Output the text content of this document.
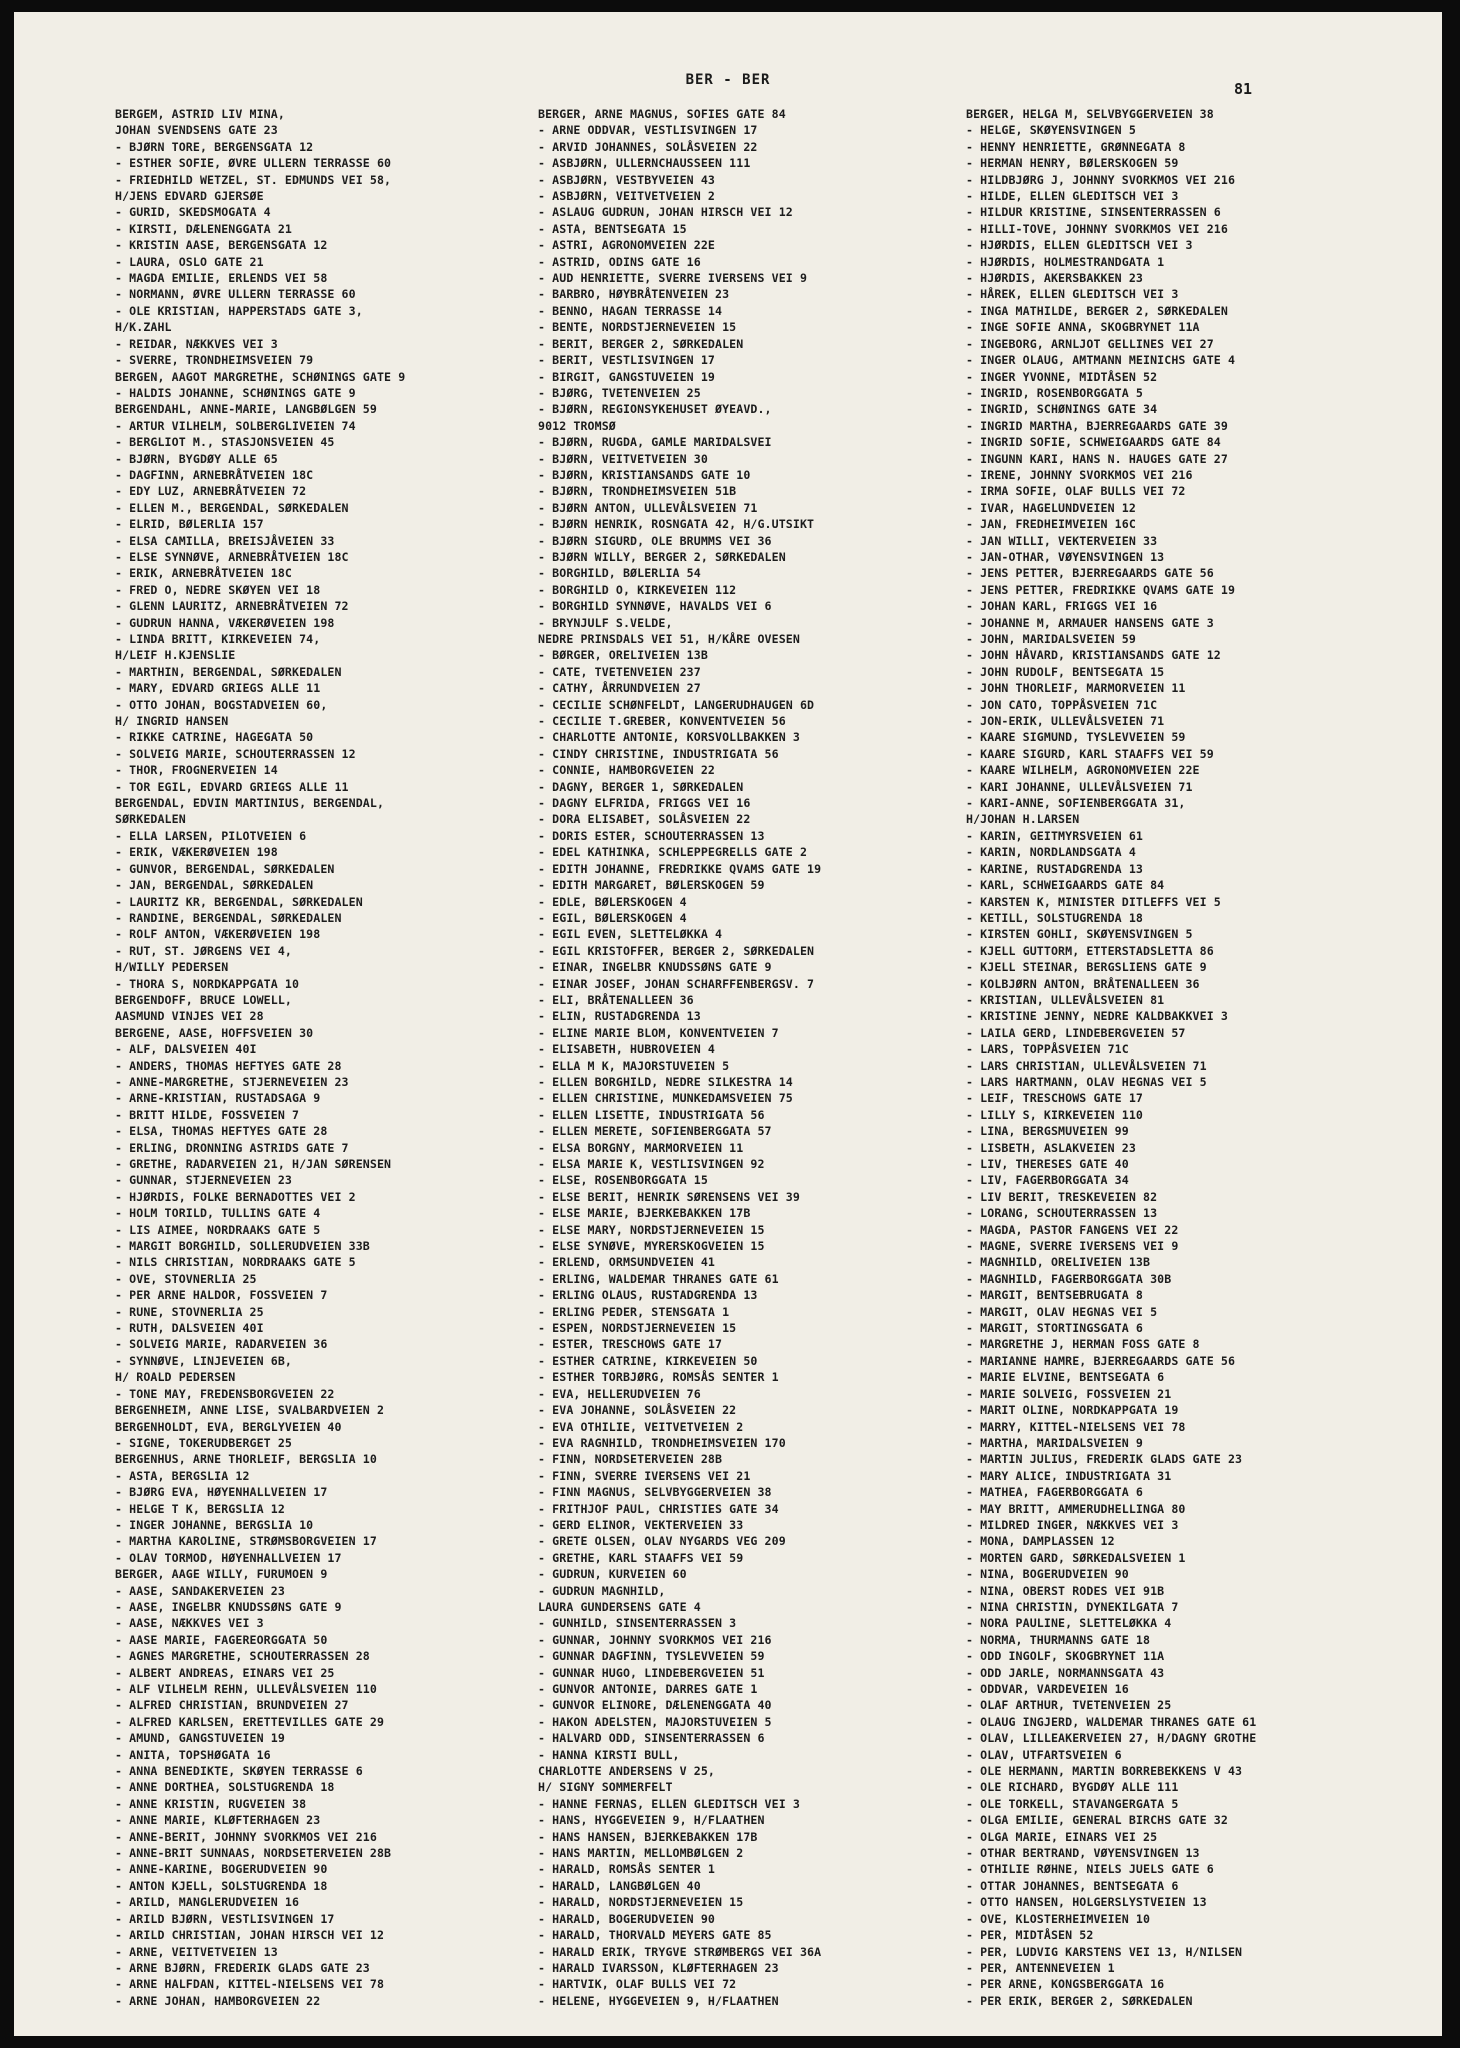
BER - BER	81
BERGEM, ASTRID LIV MINA,
JOHAN SVENDSENS GATE 23
- BJØRN TORE, BERGENSGATA 12
- ESTHER SOFIE, ØVRE ULLERN TERRASSE 60
- FRIEDHILD WETZEL, ST. EDMUNDS VEI 58,
H/JENS EDVARD GJERSØE
- GURID, SKEDSMOGATA 4
- KIRSTI, DÆLENENGGATA 21
- KRISTIN AASE, BERGENSGATA 12
- LAURA, OSLO GATE 21
- MAGDA EMILIE, ERLENDS VEI 58
- NORMANN, ØVRE ULLERN TERRASSE 60
- OLE KRISTIAN, HAPPERSTADS GATE 3,
H/K.ZAHL
- REIDAR, NÆKKVES VEI 3
- SVERRE, TRONDHEIMSVEIEN 79
BERGEN, AAGOT MARGRETHE, SCHØNINGS GATE 9
- HALDIS JOHANNE, SCHØNINGS GATE 9
BERGENDAHL, ANNE-MARIE, LANGBØLGEN 59
- ARTUR VILHELM, SOLBERGLIVEIEN 74
- BERGLIOT M., STASJONSVEIEN 45
- BJØRN, BYGDØY ALLE 65
- DAGFINN, ARNEBRÅTVEIEN 18C
- EDY LUZ, ARNEBRÅTVEIEN 72
- ELLEN M., BERGENDAL, SØRKEDALEN
- ELRID, BØLERLIA 157
- ELSA CAMILLA, BREISJÅVEIEN 33
- ELSE SYNNØVE, ARNEBRÅTVEIEN 18C
- ERIK, ARNEBRÅTVEIEN 18C
- FRED O, NEDRE SKØYEN VEI 18
- GLENN LAURITZ, ARNEBRÅTVEIEN 72
- GUDRUN HANNA, VÆKERØVEIEN 198
- LINDA BRITT, KIRKEVEIEN 74,
H/LEIF H.KJENSLIE
- MARTHIN, BERGENDAL, SØRKEDALEN
- MARY, EDVARD GRIEGS ALLE 11
- OTTO JOHAN, BOGSTADVEIEN 60,
H/ INGRID HANSEN
- RIKKE CATRINE, HAGEGATA 50
- SOLVEIG MARIE, SCHOUTERRASSEN 12
- THOR, FROGNERVEIEN 14
- TOR EGIL, EDVARD GRIEGS ALLE 11
BERGENDAL, EDVIN MARTINIUS, BERGENDAL,
SØRKEDALEN
- ELLA LARSEN, PILOTVEIEN 6
- ERIK, VÆKERØVEIEN 198
- GUNVOR, BERGENDAL, SØRKEDALEN
- JAN, BERGENDAL, SØRKEDALEN
- LAURITZ KR, BERGENDAL, SØRKEDALEN
- RANDINE, BERGENDAL, SØRKEDALEN
- ROLF ANTON, VÆKERØVEIEN 198
- RUT, ST. JØRGENS VEI 4,
H/WILLY PEDERSEN
- THORA S, NORDKAPPGATA 10
BERGENDOFF, BRUCE LOWELL,
AASMUND VINJES VEI 28
BERGENE, AASE, HOFFSVEIEN 30
- ALF, DALSVEIEN 40I
- ANDERS, THOMAS HEFTYES GATE 28
- ANNE-MARGRETHE, STJERNEVEIEN 23
- ARNE-KRISTIAN, RUSTADSAGA 9
- BRITT HILDE, FOSSVEIEN 7
- ELSA, THOMAS HEFTYES GATE 28
- ERLING, DRONNING ASTRIDS GATE 7
- GRETHE, RADARVEIEN 21, H/JAN SØRENSEN
- GUNNAR, STJERNEVEIEN 23
- HJØRDIS, FOLKE BERNADOTTES VEI 2
- HOLM TORILD, TULLINS GATE 4
- LIS AIMEE, NORDRAAKS GATE 5
- MARGIT BORGHILD, SOLLERUDVEIEN 33B
- NILS CHRISTIAN, NORDRAAKS GATE 5
- OVE, STOVNERLIA 25
- PER ARNE HALDOR, FOSSVEIEN 7
- RUNE, STOVNERLIA 25
- RUTH, DALSVEIEN 40I
- SOLVEIG MARIE, RADARVEIEN 36
- SYNNØVE, LINJEVEIEN 6B,
H/ ROALD PEDERSEN
- TONE MAY, FREDENSBORGVEIEN 22
BERGENHEIM, ANNE LISE, SVALBARDVEIEN 2
BERGENHOLDT, EVA, BERGLYVEIEN 40
- SIGNE, TOKERUDBERGET 25
BERGENHUS, ARNE THORLEIF, BERGSLIA 10
- ASTA, BERGSLIA 12
- BJØRG EVA, HØYENHALLVEIEN 17
- HELGE T K, BERGSLIA 12
- INGER JOHANNE, BERGSLIA 10
- MARTHA KAROLINE, STRØMSBORGVEIEN 17
- OLAV TORMOD, HØYENHALLVEIEN 17
BERGER, AAGE WILLY, FURUMOEN 9
- AASE, SANDAKERVEIEN 23
- AASE, INGELBR KNUDSSØNS GATE 9
- AASE, NÆKKVES VEI 3
- AASE MARIE, FAGEREORGGATA 50
- AGNES MARGRETHE, SCHOUTERRASSEN 28
- ALBERT ANDREAS, EINARS VEI 25
- ALF VILHELM REHN, ULLEVÅLSVEIEN 110
- ALFRED CHRISTIAN, BRUNDVEIEN 27
- ALFRED KARLSEN, ERETTEVILLES GATE 29
- AMUND, GANGSTUVEIEN 19
- ANITA, TOPSHØGATA 16
- ANNA BENEDIKTE, SKØYEN TERRASSE 6
- ANNE DORTHEA, SOLSTUGRENDA 18
- ANNE KRISTIN, RUGVEIEN 38
- ANNE MARIE, KLØFTERHAGEN 23
- ANNE-BERIT, JOHNNY SVORKMOS VEI 216
- ANNE-BRIT SUNNAAS, NORDSETERVEIEN 28B
- ANNE-KARINE, BOGERUDVEIEN 90
- ANTON KJELL, SOLSTUGRENDA 18
- ARILD, MANGLERUDVEIEN 16
- ARILD BJØRN, VESTLISVINGEN 17
- ARILD CHRISTIAN, JOHAN HIRSCH VEI 12
- ARNE, VEITVETVEIEN 13
- ARNE BJØRN, FREDERIK GLADS GATE 23
- ARNE HALFDAN, KITTEL-NIELSENS VEI 78
- ARNE JOHAN, HAMBORGVEIEN 22
BERGER, ARNE MAGNUS, SOFIES GATE 84
- ARNE ODDVAR, VESTLISVINGEN 17
- ARVID JOHANNES, SOLÅSVEIEN 22
- ASBJØRN, ULLERNCHAUSSEEN 111
- ASBJØRN, VESTBYVEIEN 43
- ASBJØRN, VEITVETVEIEN 2
- ASLAUG GUDRUN, JOHAN HIRSCH VEI 12
- ASTA, BENTSEGATA 15
- ASTRI, AGRONOMVEIEN 22E
- ASTRID, ODINS GATE 16
- AUD HENRIETTE, SVERRE IVERSENS VEI 9
- BARBRO, HØYBRÅTENVEIEN 23
- BENNO, HAGAN TERRASSE 14
- BENTE, NORDSTJERNEVEIEN 15
- BERIT, BERGER 2, SØRKEDALEN
- BERIT, VESTLISVINGEN 17
- BIRGIT, GANGSTUVEIEN 19
- BJØRG, TVETENVEIEN 25
- BJØRN, REGIONSYKEHUSET ØYEAVD.,
9012 TROMSØ
- BJØRN, RUGDA, GAMLE MARIDALSVEI
- BJØRN, VEITVETVEIEN 30
- BJØRN, KRISTIANSANDS GATE 10
- BJØRN, TRONDHEIMSVEIEN 51B
- BJØRN ANTON, ULLEVÅLSVEIEN 71
- BJØRN HENRIK, ROSNGATA 42, H/G.UTSIKT
- BJØRN SIGURD, OLE BRUMMS VEI 36
- BJØRN WILLY, BERGER 2, SØRKEDALEN
- BORGHILD, BØLERLIA 54
- BORGHILD O, KIRKEVEIEN 112
- BORGHILD SYNNØVE, HAVALDS VEI 6
- BRYNJULF S.VELDE,
NEDRE PRINSDALS VEI 51, H/KÅRE OVESEN
- BØRGER, ORELIVEIEN 13B
- CATE, TVETENVEIEN 237
- CATHY, ÅRRUNDVEIEN 27
- CECILIE SCHØNFELDT, LANGERUDHAUGEN 6D
- CECILIE T.GREBER, KONVENTVEIEN 56
- CHARLOTTE ANTONIE, KORSVOLLBAKKEN 3
- CINDY CHRISTINE, INDUSTRIGATA 56
- CONNIE, HAMBORGVEIEN 22
- DAGNY, BERGER 1, SØRKEDALEN
- DAGNY ELFRIDA, FRIGGS VEI 16
- DORA ELISABET, SOLÅSVEIEN 22
- DORIS ESTER, SCHOUTERRASSEN 13
- EDEL KATHINKA, SCHLEPPEGRELLS GATE 2
- EDITH JOHANNE, FREDRIKKE QVAMS GATE 19
- EDITH MARGARET, BØLERSKOGEN 59
- EDLE, BØLERSKOGEN 4
- EGIL, BØLERSKOGEN 4
- EGIL EVEN, SLETTELØKKA 4
- EGIL KRISTOFFER, BERGER 2, SØRKEDALEN
- EINAR, INGELBR KNUDSSØNS GATE 9
- EINAR JOSEF, JOHAN SCHARFFENBERGSV. 7
- ELI, BRÅTENALLEEN 36
- ELIN, RUSTADGRENDA 13
- ELINE MARIE BLOM, KONVENTVEIEN 7
- ELISABETH, HUBROVEIEN 4
- ELLA M K, MAJORSTUVEIEN 5
- ELLEN BORGHILD, NEDRE SILKESTRA 14
- ELLEN CHRISTINE, MUNKEDAMSVEIEN 75
- ELLEN LISETTE, INDUSTRIGATA 56
- ELLEN MERETE, SOFIENBERGGATA 57
- ELSA BORGNY, MARMORVEIEN 11
- ELSA MARIE K, VESTLISVINGEN 92
- ELSE, ROSENBORGGATA 15
- ELSE BERIT, HENRIK SØRENSENS VEI 39
- ELSE MARIE, BJERKEBAKKEN 17B
- ELSE MARY, NORDSTJERNEVEIEN 15
- ELSE SYNØVE, MYRERSKOGVEIEN 15
- ERLEND, ORMSUNDVEIEN 41
- ERLING, WALDEMAR THRANES GATE 61
- ERLING OLAUS, RUSTADGRENDA 13
- ERLING PEDER, STENSGATA 1
- ESPEN, NORDSTJERNEVEIEN 15
- ESTER, TRESCHOWS GATE 17
- ESTHER CATRINE, KIRKEVEIEN 50
- ESTHER TORBJØRG, ROMSÅS SENTER 1
- EVA, HELLERUDVEIEN 76
- EVA JOHANNE, SOLÅSVEIEN 22
- EVA OTHILIE, VEITVETVEIEN 2
- EVA RAGNHILD, TRONDHEIMSVEIEN 170
- FINN, NORDSETERVEIEN 28B
- FINN, SVERRE IVERSENS VEI 21
- FINN MAGNUS, SELVBYGGERVEIEN 38
- FRITHJOF PAUL, CHRISTIES GATE 34
- GERD ELINOR, VEKTERVEIEN 33
- GRETE OLSEN, OLAV NYGARDS VEG 209
- GRETHE, KARL STAAFFS VEI 59
- GUDRUN, KURVEIEN 60
- GUDRUN MAGNHILD,
LAURA GUNDERSENS GATE 4
- GUNHILD, SINSENTERRASSEN 3
- GUNNAR, JOHNNY SVORKMOS VEI 216
- GUNNAR DAGFINN, TYSLEVVEIEN 59
- GUNNAR HUGO, LINDEBERGVEIEN 51
- GUNVOR ANTONIE, DARRES GATE 1
- GUNVOR ELINORE, DÆLENENGGATA 40
- HAKON ADELSTEN, MAJORSTUVEIEN 5
- HALVARD ODD, SINSENTERRASSEN 6
- HANNA KIRSTI BULL,
CHARLOTTE ANDERSENS V 25,
H/ SIGNY SOMMERFELT
- HANNE FERNAS, ELLEN GLEDITSCH VEI 3
- HANS, HYGGEVEIEN 9, H/FLAATHEN
- HANS HANSEN, BJERKEBAKKEN 17B
- HANS MARTIN, MELLOMBØLGEN 2
- HARALD, ROMSÅS SENTER 1
- HARALD, LANGBØLGEN 40
- HARALD, NORDSTJERNEVEIEN 15
- HARALD, BOGERUDVEIEN 90
- HARALD, THORVALD MEYERS GATE 85
- HARALD ERIK, TRYGVE STRØMBERGS VEI 36A
- HARALD IVARSSON, KLØFTERHAGEN 23
- HARTVIK, OLAF BULLS VEI 72
- HELENE, HYGGEVEIEN 9, H/FLAATHEN
BERGER, HELGA M, SELVBYGGERVEIEN 38
- HELGE, SKØYENSVINGEN 5
- HENNY HENRIETTE, GRØNNEGATA 8
- HERMAN HENRY, BØLERSKOGEN 59
- HILDBJØRG J, JOHNNY SVORKMOS VEI 216
- HILDE, ELLEN GLEDITSCH VEI 3
- HILDUR KRISTINE, SINSENTERRASSEN 6
- HILLI-TOVE, JOHNNY SVORKMOS VEI 216
- HJØRDIS, ELLEN GLEDITSCH VEI 3
- HJØRDIS, HOLMESTRANDGATA 1
- HJØRDIS, AKERSBAKKEN 23
- HÅREK, ELLEN GLEDITSCH VEI 3
- INGA MATHILDE, BERGER 2, SØRKEDALEN
- INGE SOFIE ANNA, SKOGBRYNET 11A
- INGEBORG, ARNLJOT GELLINES VEI 27
- INGER OLAUG, AMTMANN MEINICHS GATE 4
- INGER YVONNE, MIDTÅSEN 52
- INGRID, ROSENBORGGATA 5
- INGRID, SCHØNINGS GATE 34
- INGRID MARTHA, BJERREGAARDS GATE 39
- INGRID SOFIE, SCHWEIGAARDS GATE 84
- INGUNN KARI, HANS N. HAUGES GATE 27
- IRENE, JOHNNY SVORKMOS VEI 216
- IRMA SOFIE, OLAF BULLS VEI 72
- IVAR, HAGELUNDVEIEN 12
- JAN, FREDHEIMVEIEN 16C
- JAN WILLI, VEKTERVEIEN 33
- JAN-OTHAR, VØYENSVINGEN 13
- JENS PETTER, BJERREGAARDS GATE 56
- JENS PETTER, FREDRIKKE QVAMS GATE 19
- JOHAN KARL, FRIGGS VEI 16
- JOHANNE M, ARMAUER HANSENS GATE 3
- JOHN, MARIDALSVEIEN 59
- JOHN HÅVARD, KRISTIANSANDS GATE 12
- JOHN RUDOLF, BENTSEGATA 15
- JOHN THORLEIF, MARMORVEIEN 11
- JON CATO, TOPPÅSVEIEN 71C
- JON-ERIK, ULLEVÅLSVEIEN 71
- KAARE SIGMUND, TYSLEVVEIEN 59
- KAARE SIGURD, KARL STAAFFS VEI 59
- KAARE WILHELM, AGRONOMVEIEN 22E
- KARI JOHANNE, ULLEVÅLSVEIEN 71
- KARI-ANNE, SOFIENBERGGATA 31,
H/JOHAN H.LARSEN
- KARIN, GEITMYRSVEIEN 61
- KARIN, NORDLANDSGATA 4
- KARINE, RUSTADGRENDA 13
- KARL, SCHWEIGAARDS GATE 84
- KARSTEN K, MINISTER DITLEFFS VEI 5
- KETILL, SOLSTUGRENDA 18
- KIRSTEN GOHLI, SKØYENSVINGEN 5
- KJELL GUTTORM, ETTERSTADSLETTA 86
- KJELL STEINAR, BERGSLIENS GATE 9
- KOLBJØRN ANTON, BRÅTENALLEEN 36
- KRISTIAN, ULLEVÅLSVEIEN 81
- KRISTINE JENNY, NEDRE KALDBAKKVEI 3
- LAILA GERD, LINDEBERGVEIEN 57
- LARS, TOPPÅSVEIEN 71C
- LARS CHRISTIAN, ULLEVÅLSVEIEN 71
- LARS HARTMANN, OLAV HEGNAS VEI 5
- LEIF, TRESCHOWS GATE 17
- LILLY S, KIRKEVEIEN 110
- LINA, BERGSMUVEIEN 99
- LISBETH, ASLAKVEIEN 23
- LIV, THERESES GATE 40
- LIV, FAGERBORGGATA 34
- LIV BERIT, TRESKEVEIEN 82
- LORANG, SCHOUTERRASSEN 13
- MAGDA, PASTOR FANGENS VEI 22
- MAGNE, SVERRE IVERSENS VEI 9
- MAGNHILD, ORELIVEIEN 13B
- MAGNHILD, FAGERBORGGATA 30B
- MARGIT, BENTSEBRUGATA 8
- MARGIT, OLAV HEGNAS VEI 5
- MARGIT, STORTINGSGATA 6
- MARGRETHE J, HERMAN FOSS GATE 8
- MARIANNE HAMRE, BJERREGAARDS GATE 56
- MARIE ELVINE, BENTSEGATA 6
- MARIE SOLVEIG, FOSSVEIEN 21
- MARIT OLINE, NORDKAPPGATA 19
- MARRY, KITTEL-NIELSENS VEI 78
- MARTHA, MARIDALSVEIEN 9
- MARTIN JULIUS, FREDERIK GLADS GATE 23
- MARY ALICE, INDUSTRIGATA 31
- MATHEA, FAGERBORGGATA 6
- MAY BRITT, AMMERUDHELLINGA 80
- MILDRED INGER, NÆKKVES VEI 3
- MONA, DAMPLASSEN 12
- MORTEN GARD, SØRKEDALSVEIEN 1
- NINA, BOGERUDVEIEN 90
- NINA, OBERST RODES VEI 91B
- NINA CHRISTIN, DYNEKILGATA 7
- NORA PAULINE, SLETTELØKKA 4
- NORMA, THURMANNS GATE 18
- ODD INGOLF, SKOGBRYNET 11A
- ODD JARLE, NORMANNSGATA 43
- ODDVAR, VARDEVEIEN 16
- OLAF ARTHUR, TVETENVEIEN 25
- OLAUG INGJERD, WALDEMAR THRANES GATE 61
- OLAV, LILLEAKERVEIEN 27, H/DAGNY GROTHE
- OLAV, UTFARTSVEIEN 6
- OLE HERMANN, MARTIN BORREBEKKENS V 43
- OLE RICHARD, BYGDØY ALLE 111
- OLE TORKELL, STAVANGERGATA 5
- OLGA EMILIE, GENERAL BIRCHS GATE 32
- OLGA MARIE, EINARS VEI 25
- OTHAR BERTRAND, VØYENSVINGEN 13
- OTHILIE RØHNE, NIELS JUELS GATE 6
- OTTAR JOHANNES, BENTSEGATA 6
- OTTO HANSEN, HOLGERSLYSTVEIEN 13
- OVE, KLOSTERHEIMVEIEN 10
- PER, MIDTÅSEN 52
- PER, LUDVIG KARSTENS VEI 13, H/NILSEN
- PER, ANTENNEVEIEN 1
- PER ARNE, KONGSBERGGATA 16
- PER ERIK, BERGER 2, SØRKEDALEN
